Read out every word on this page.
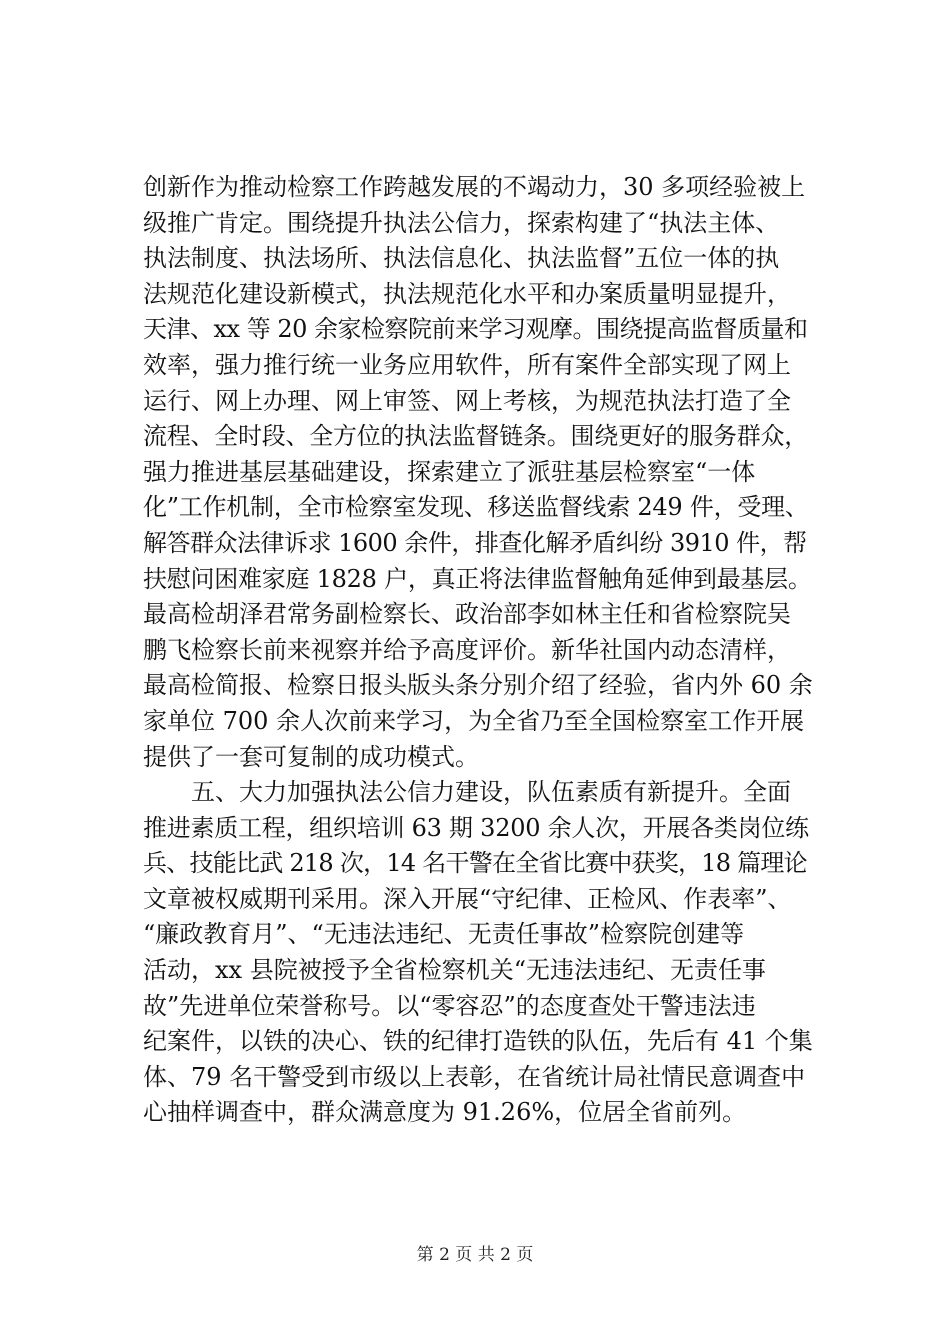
创新作为推动检察工作跨越发展的不竭动力，30 多项经验被上
级推广肯定。围绕提升执法公信力，探索构建了“执法主体、
执法制度、执法场所、执法信息化、执法监督”五位一体的执
法规范化建设新模式，执法规范化水平和办案质量明显提升，
天津、xx 等 20 余家检察院前来学习观摩。围绕提高监督质量和
效率，强力推行统一业务应用软件，所有案件全部实现了网上
运行、网上办理、网上审签、网上考核，为规范执法打造了全
流程、全时段、全方位的执法监督链条。围绕更好的服务群众，
强力推进基层基础建设，探索建立了派驻基层检察室“一体
化”工作机制，全市检察室发现、移送监督线索 249 件，受理、
解答群众法律诉求 1600 余件，排查化解矛盾纠纷 3910 件，帮
扶慰问困难家庭 1828 户，真正将法律监督触角延伸到最基层。
最高检胡泽君常务副检察长、政治部李如林主任和省检察院吴
鹏飞检察长前来视察并给予高度评价。新华社国内动态清样，
最高检简报、检察日报头版头条分别介绍了经验，省内外 60 余
家单位 700 余人次前来学习，为全省乃至全国检察室工作开展
提供了一套可复制的成功模式。
五、大力加强执法公信力建设，队伍素质有新提升。全面
推进素质工程，组织培训 63 期 3200 余人次，开展各类岗位练
兵、技能比武 218 次，14 名干警在全省比赛中获奖，18 篇理论
文章被权威期刊采用。深入开展“守纪律、正检风、作表率”、
“廉政教育月”、“无违法违纪、无责任事故”检察院创建等
活动，xx 县院被授予全省检察机关“无违法违纪、无责任事
故”先进单位荣誉称号。以“零容忍”的态度查处干警违法违
纪案件，以铁的决心、铁的纪律打造铁的队伍，先后有 41 个集
体、79 名干警受到市级以上表彰，在省统计局社情民意调查中
心抽样调查中，群众满意度为 91.26%，位居全省前列。
第 2 页 共 2 页
